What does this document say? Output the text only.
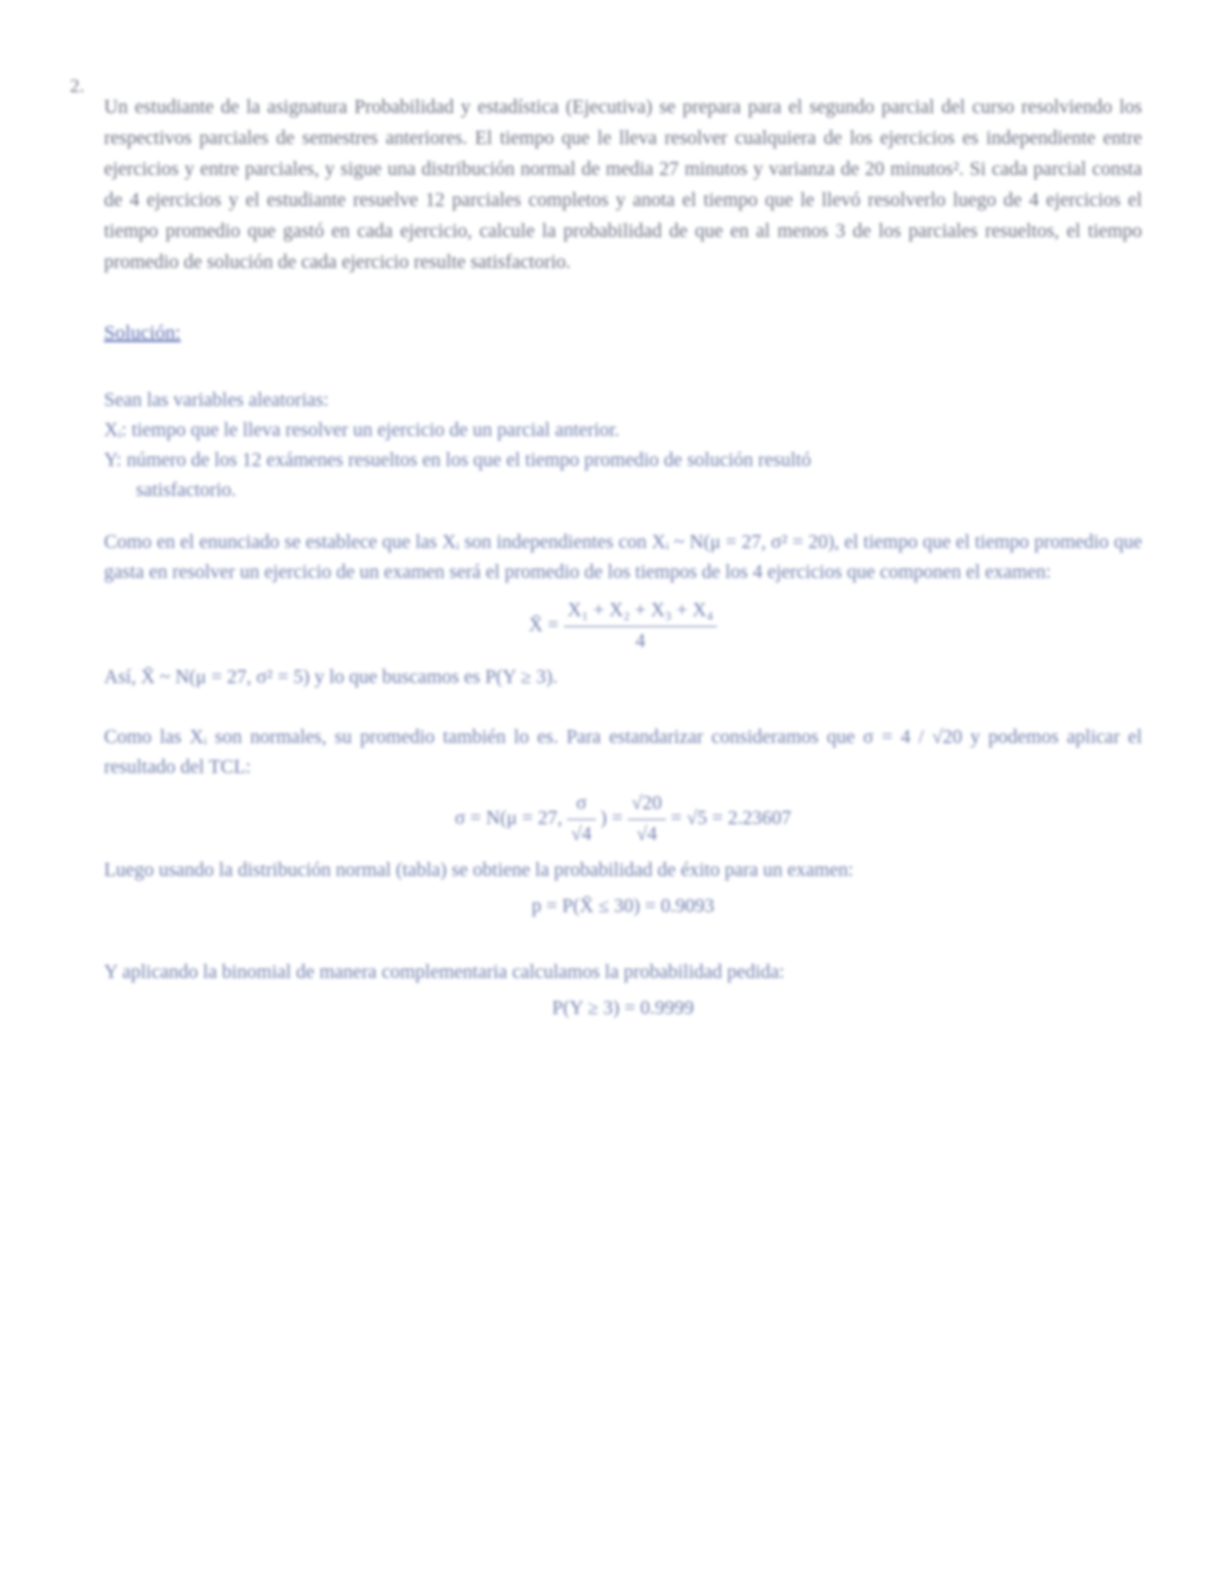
2.

Un estudiante de la asignatura Probabilidad y estadística (Ejecutiva) se prepara para el segundo parcial del curso resolviendo los respectivos parciales de semestres anteriores. El tiempo que le lleva resolver cualquiera de los ejercicios es independiente entre ejercicios y entre parciales, y sigue una distribución normal de media 27 minutos y varianza de 20 minutos². Si cada parcial consta de 4 ejercicios y el estudiante resuelve 12 parciales completos y anota el tiempo que le llevó resolverlo luego de 4 ejercicios el tiempo promedio que gastó en cada ejercicio, calcule la probabilidad de que en al menos 3 de los parciales resueltos, el tiempo promedio de solución de cada ejercicio resulte satisfactorio.

Solución:

Sean las variables aleatorias:

Xᵢ: tiempo que le lleva resolver un ejercicio de un parcial anterior.

Y: número de los 12 exámenes resueltos en los que el tiempo promedio de solución resultó

satisfactorio.

Como en el enunciado se establece que las Xᵢ son independientes con Xᵢ ~ N(μ = 27, σ² = 20), el tiempo que el tiempo promedio que gasta en resolver un ejercicio de un examen será el promedio de los tiempos de los 4 ejercicios que componen el examen:

X̄ = $\frac{\text{X₁ + X₂ + X₃ + X₄}}{4}$

Así, X̄ ~ N(μ = 27, σ² = 5) y lo que buscamos es P(Y ≥ 3).

Como las Xᵢ son normales, su promedio también lo es. Para estandarizar consideramos que σ = 4 / √20 y podemos aplicar el resultado del TCL:

σ = N(μ = 27, $\frac{\sigma}{√4}$ ) = $\frac{√20}{√4} = √5 = 2.23607$

Luego usando la distribución normal (tabla) se obtiene la probabilidad de éxito para un examen:

p = P(X̄ ≤ 30) = 0.9093

Y aplicando la binomial de manera complementaria calculamos la probabilidad pedida:

P(Y ≥ 3) = 0.9999
